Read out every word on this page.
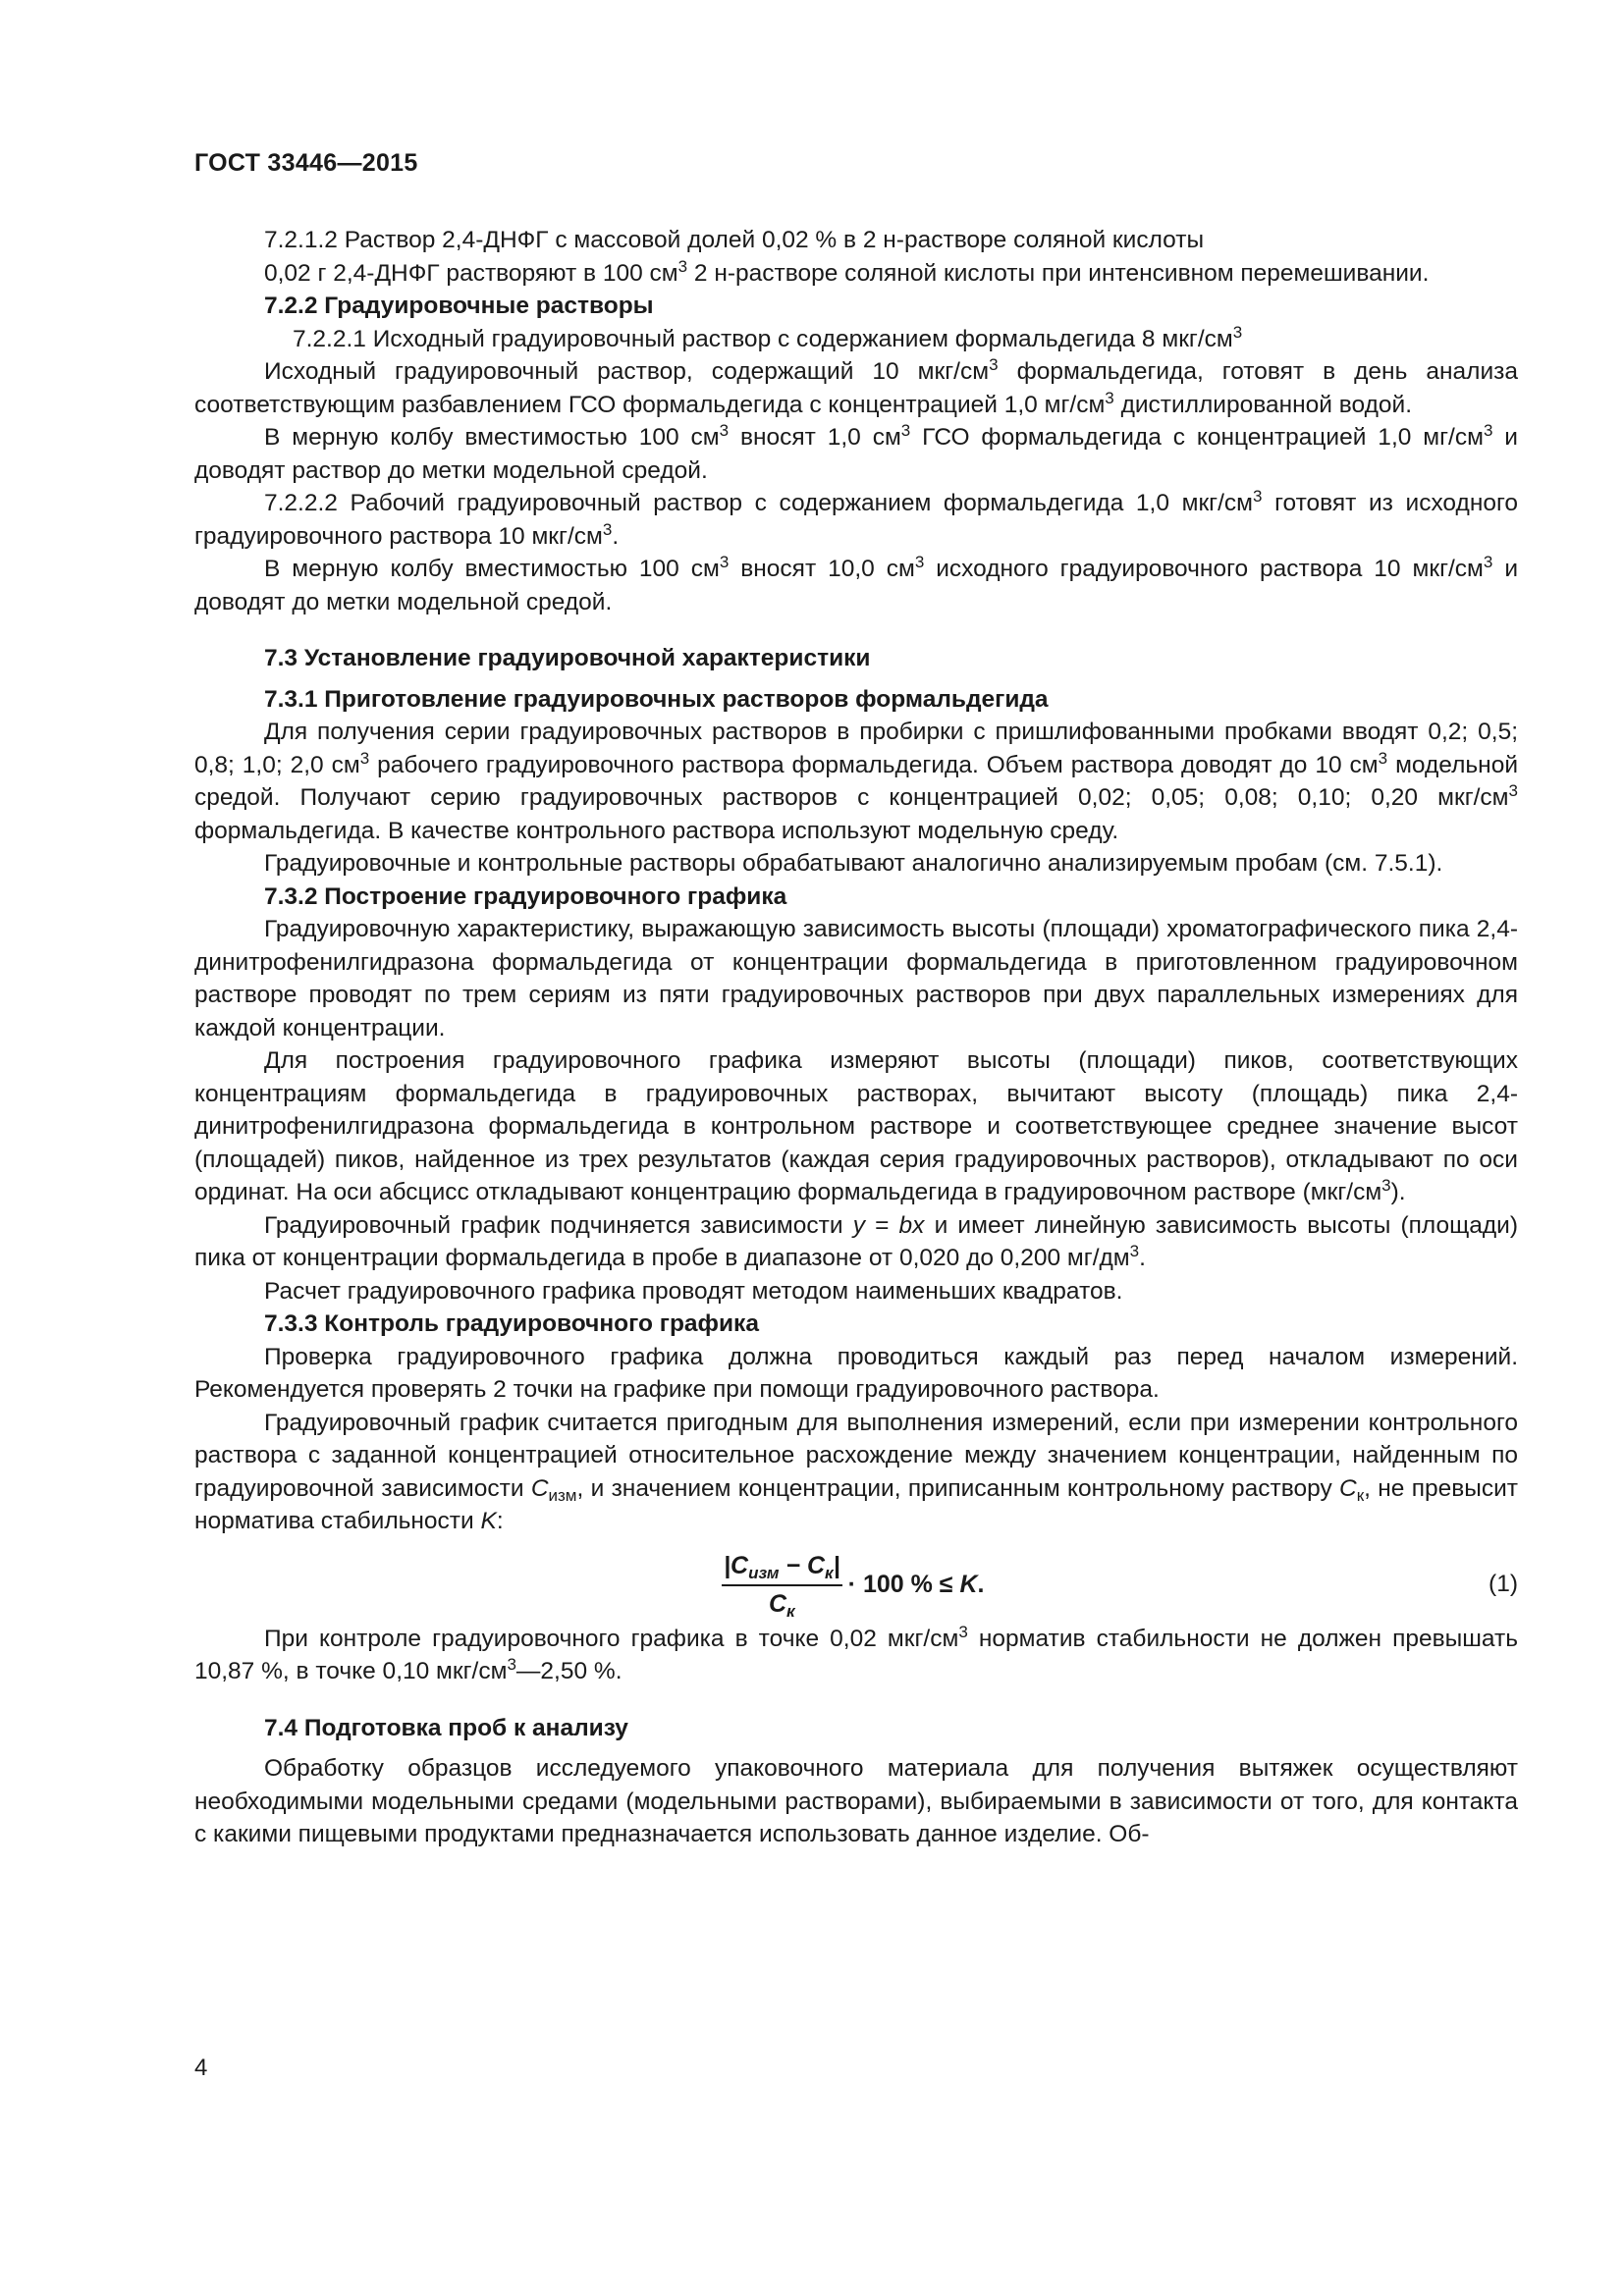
ГОСТ 33446—2015

7.2.1.2 Раствор 2,4-ДНФГ с массовой долей 0,02 % в 2 н-растворе соляной кислоты

0,02 г 2,4-ДНФГ растворяют в 100 $см^3$ 2 н-растворе соляной кислоты при интенсивном перемешивании.

7.2.2 Градуировочные растворы

7.2.2.1 Исходный градуировочный раствор с содержанием формальдегида 8 мкг/$см^3$

Исходный градуировочный раствор, содержащий 10 мкг/$см^3$ формальдегида, готовят в день анализа соответствующим разбавлением ГСО формальдегида с концентрацией 1,0 $мг/см^3$ дистиллированной водой.

В мерную колбу вместимостью 100 $см^3$ вносят 1,0 $см^3$ ГСО формальдегида с концентрацией 1,0 $мг/см^3$ и доводят раствор до метки модельной средой.

7.2.2.2 Рабочий градуировочный раствор с содержанием формальдегида 1,0 мкг/$см^3$ готовят из исходного градуировочного раствора 10 мкг/$см^3$.

В мерную колбу вместимостью 100 $см^3$ вносят 10,0 $см^3$ исходного градуировочного раствора 10 мкг/$см^3$ и доводят до метки модельной средой.

7.3 Установление градуировочной характеристики

7.3.1 Приготовление градуировочных растворов формальдегида

Для получения серии градуировочных растворов в пробирки с пришлифованными пробками вводят 0,2; 0,5; 0,8; 1,0; 2,0 $см^3$ рабочего градуировочного раствора формальдегида. Объем раствора доводят до 10 $см^3$ модельной средой. Получают серию градуировочных растворов с концентрацией 0,02; 0,05; 0,08; 0,10; 0,20 мкг/$см^3$ формальдегида. В качестве контрольного раствора используют модельную среду.

Градуировочные и контрольные растворы обрабатывают аналогично анализируемым пробам (см. 7.5.1).

7.3.2 Построение градуировочного графика

Градуировочную характеристику, выражающую зависимость высоты (площади) хроматографического пика 2,4-динитрофенилгидразона формальдегида от концентрации формальдегида в приготовленном градуировочном растворе проводят по трем сериям из пяти градуировочных растворов при двух параллельных измерениях для каждой концентрации.

Для построения градуировочного графика измеряют высоты (площади) пиков, соответствующих концентрациям формальдегида в градуировочных растворах, вычитают высоту (площадь) пика 2,4-динитрофенилгидразона формальдегида в контрольном растворе и соответствующее среднее значение высот (площадей) пиков, найденное из трех результатов (каждая серия градуировочных растворов), откладывают по оси ординат. На оси абсцисс откладывают концентрацию формальдегида в градуировочном растворе $(мкг/см^3)$.

Градуировочный график подчиняется зависимости y = bx и имеет линейную зависимость высоты (площади) пика от концентрации формальдегида в пробе в диапазоне от 0,020 до 0,200 $мг/дм^3$.

Расчет градуировочного графика проводят методом наименьших квадратов.

7.3.3 Контроль градуировочного графика

Проверка градуировочного графика должна проводиться каждый раз перед началом измерений. Рекомендуется проверять 2 точки на графике при помощи градуировочного раствора.

Градуировочный график считается пригодным для выполнения измерений, если при измерении контрольного раствора с заданной концентрацией относительное расхождение между значением концентрации, найденным по градуировочной зависимости $C_{изм}$, и значением концентрации, приписанным контрольному раствору $C_к$, не превысит норматива стабильности K:

$\frac{|C_{изм} - C_к|}{C_к} \cdot 100$ % ≤ K.	(1)

При контроле градуировочного графика в точке 0,02 мкг/$см^3$ норматив стабильности не должен превышать 10,87 %, в точке 0,10 мкг/$см^3—2,50$ %.

7.4 Подготовка проб к анализу

Обработку образцов исследуемого упаковочного материала для получения вытяжек осуществляют необходимыми модельными средами (модельными растворами), выбираемыми в зависимости от того, для контакта с какими пищевыми продуктами предназначается использовать данное изделие. Об-

4
